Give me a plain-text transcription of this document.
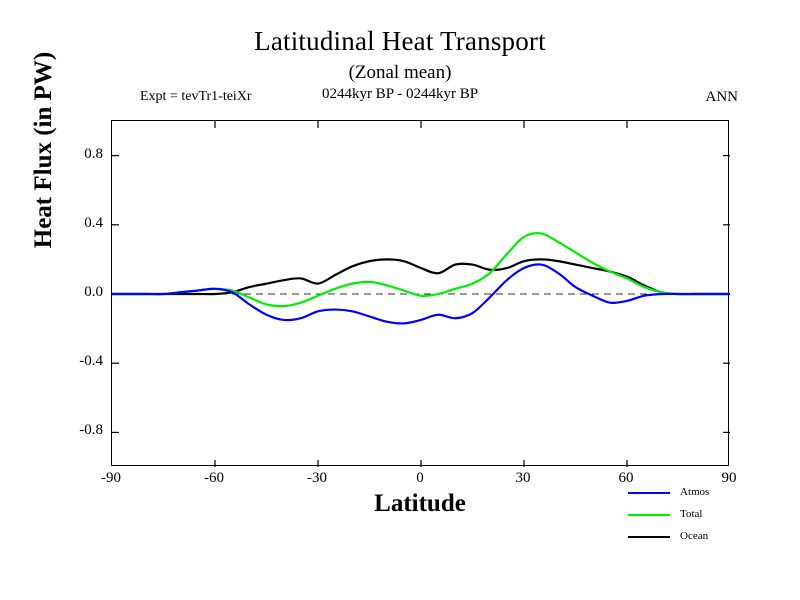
Latitudinal Heat Transport
(Zonal mean)
0244kyr BP - 0244kyr BP
Expt = tevTr1-teiXr	ANN
Heat Flux (in PW)
Latitude
-0.8
-0.4
0.0
0.4
0.8
-90	-60	-30	0	30	60	90
Atmos
Total
Ocean
